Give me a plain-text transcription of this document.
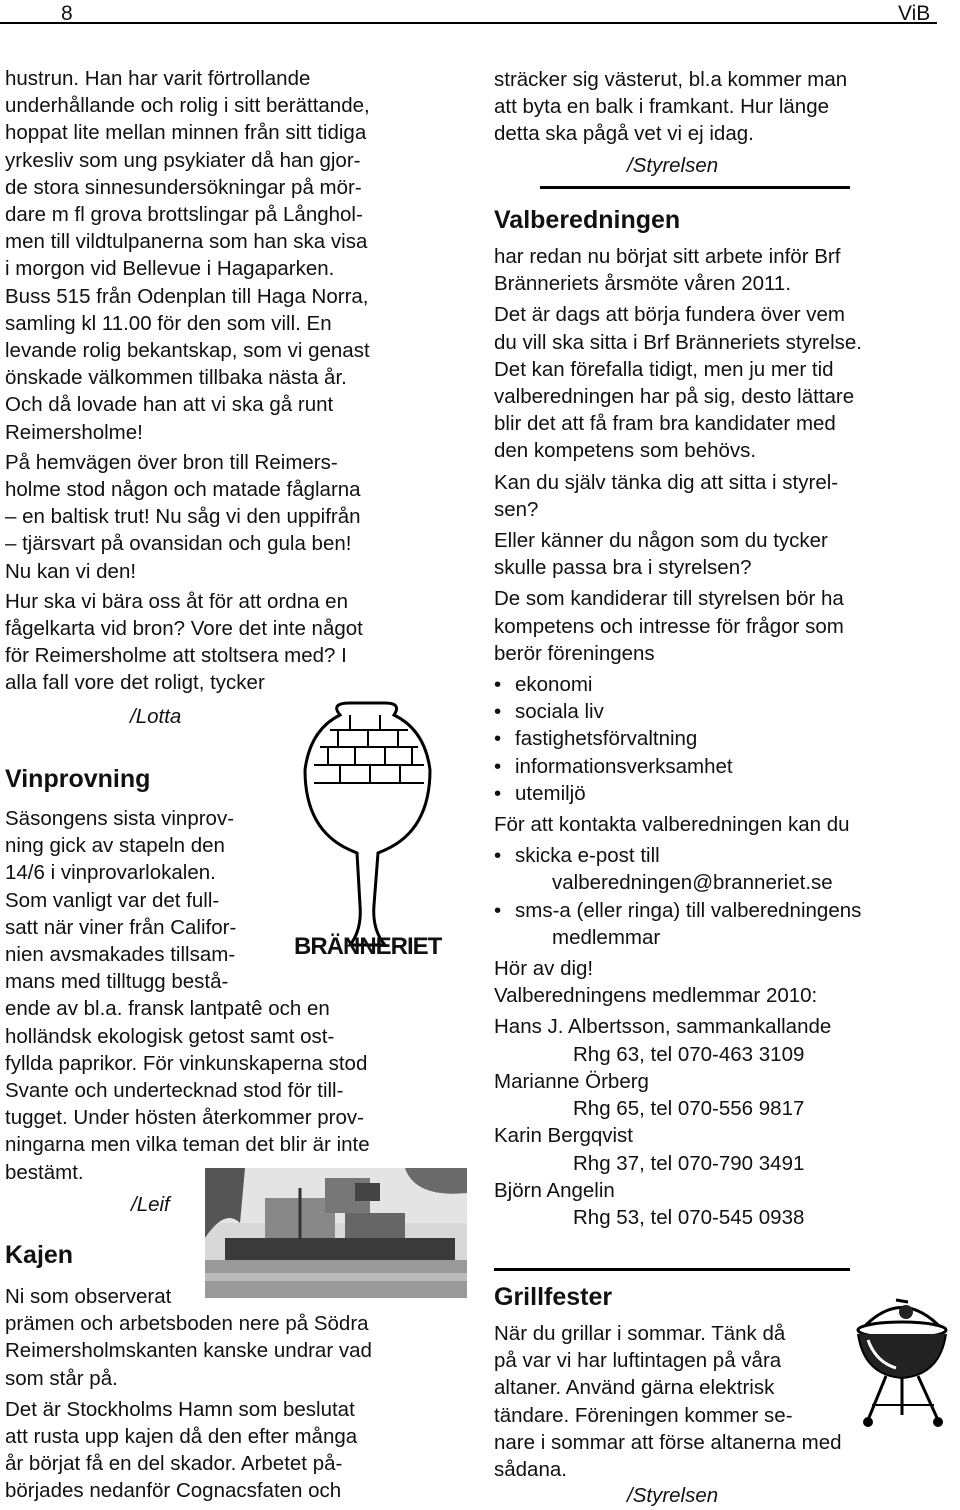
8	ViB

hustrun. Han har varit förtrollande

underhållande och rolig i sitt berättande,

hoppat lite mellan minnen från sitt tidiga

yrkesliv som ung psykiater då han gjor-

de stora sinnesundersökningar på mör-

dare m fl grova brottslingar på Långhol-

men till vildtulpanerna som han ska visa

i morgon vid Bellevue i Hagaparken.

Buss 515 från Odenplan till Haga Norra,

samling kl 11.00 för den som vill. En

levande rolig bekantskap, som vi genast

önskade välkommen tillbaka nästa år.

Och då lovade han att vi ska gå runt

Reimersholme!

På hemvägen över bron till Reimers-

holme stod någon och matade fåglarna

– en baltisk trut! Nu såg vi den uppifrån

– tjärsvart på ovansidan och gula ben!

Nu kan vi den!

Hur ska vi bära oss åt för att ordna en

fågelkarta vid bron? Vore det inte något

för Reimersholme att stoltsera med? I

alla fall vore det roligt, tycker

/Lotta

Vinprovning

Säsongens sista vinprov-

ning gick av stapeln den

14/6 i vinprovarlokalen.

Som vanligt var det full-

satt när viner från Califor-

nien avsmakades tillsam-

mans med tilltugg bestå-

ende av bl.a. fransk lantpatê och en

holländsk ekologisk getost samt ost-

fyllda paprikor. För vinkunskaperna stod

Svante och undertecknad stod för till-

tugget. Under hösten återkommer prov-

ningarna men vilka teman det blir är inte

bestämt.

/Leif
BRÄNNERIET
Kajen

Ni som observerat

prämen och arbetsboden nere på Södra

Reimersholmskanten kanske undrar vad

som står på.

Det är Stockholms Hamn som beslutat

att rusta upp kajen då den efter många

år börjat få en del skador. Arbetet på-

börjades nedanför Cognacsfaten och

sträcker sig västerut, bl.a kommer man

att byta en balk i framkant. Hur länge

detta ska pågå vet vi ej idag.

/Styrelsen

Valberedningen

har redan nu börjat sitt arbete inför Brf

Bränneriets årsmöte våren 2011.

Det är dags att börja fundera över vem

du vill ska sitta i Brf Bränneriets styrelse.

Det kan förefalla tidigt, men ju mer tid

valberedningen har på sig, desto lättare

blir det att få fram bra kandidater med

den kompetens som behövs.

Kan du själv tänka dig att sitta i styrel-

sen?

Eller känner du någon som du tycker

skulle passa bra i styrelsen?

De som kandiderar till styrelsen bör ha

kompetens och intresse för frågor som

berör föreningens

• ekonomi

• sociala liv

• fastighetsförvaltning

• informationsverksamhet

• utemiljö

För att kontakta valberedningen kan du

• skicka e-post till

valberedningen@branneriet.se

• sms-a (eller ringa) till valberedningens

medlemmar

Hör av dig!

Valberedningens medlemmar 2010:

Hans J. Albertsson, sammankallande

Rhg 63, tel 070-463 3109

Marianne Örberg

Rhg 65, tel 070-556 9817

Karin Bergqvist

Rhg 37, tel 070-790 3491

Björn Angelin

Rhg 53, tel 070-545 0938

Grillfester

När du grillar i sommar. Tänk då

på var vi har luftintagen på våra

altaner. Använd gärna elektrisk

tändare. Föreningen kommer se-

nare i sommar att förse altanerna med

sådana.

/Styrelsen
